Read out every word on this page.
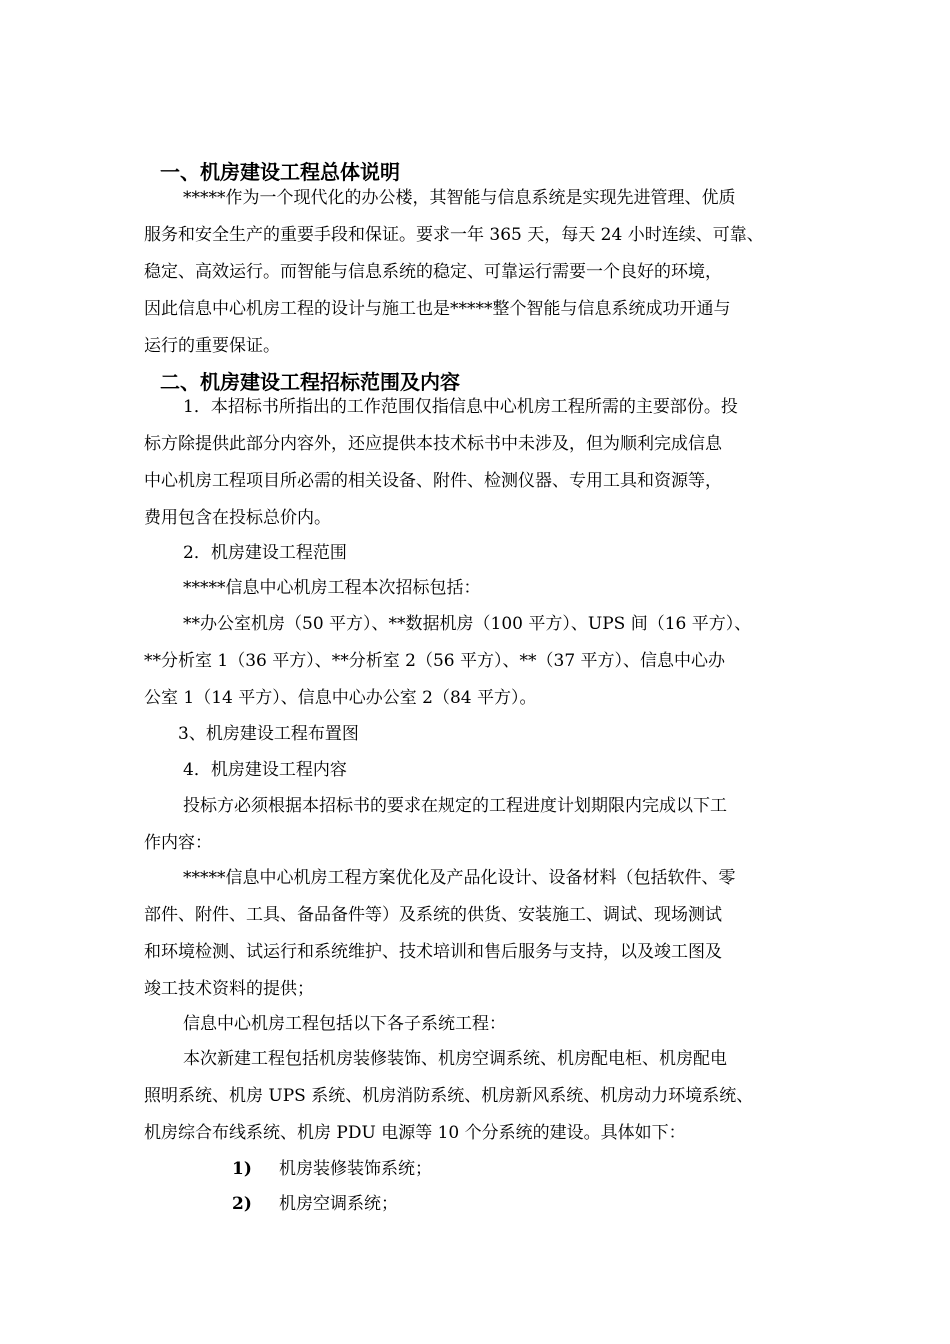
一、机房建设工程总体说明
*****作为一个现代化的办公楼，其智能与信息系统是实现先进管理、优质
服务和安全生产的重要手段和保证。要求一年 365 天，每天 24 小时连续、可靠、
稳定、高效运行。而智能与信息系统的稳定、可靠运行需要一个良好的环境，
因此信息中心机房工程的设计与施工也是*****整个智能与信息系统成功开通与
运行的重要保证。
二、机房建设工程招标范围及内容
1．本招标书所指出的工作范围仅指信息中心机房工程所需的主要部份。投
标方除提供此部分内容外，还应提供本技术标书中未涉及，但为顺利完成信息
中心机房工程项目所必需的相关设备、附件、检测仪器、专用工具和资源等，
费用包含在投标总价内。
2．机房建设工程范围
*****信息中心机房工程本次招标包括：
**办公室机房（50 平方）、**数据机房（100 平方）、UPS 间（16 平方）、
**分析室 1（36 平方）、**分析室 2（56 平方）、**（37 平方）、信息中心办
公室 1（14 平方）、信息中心办公室 2（84 平方）。
3、机房建设工程布置图
4．机房建设工程内容
投标方必须根据本招标书的要求在规定的工程进度计划期限内完成以下工
作内容：
*****信息中心机房工程方案优化及产品化设计、设备材料（包括软件、零
部件、附件、工具、备品备件等）及系统的供货、安装施工、调试、现场测试
和环境检测、试运行和系统维护、技术培训和售后服务与支持，以及竣工图及
竣工技术资料的提供；
信息中心机房工程包括以下各子系统工程：
本次新建工程包括机房装修装饰、机房空调系统、机房配电柜、机房配电
照明系统、机房 UPS 系统、机房消防系统、机房新风系统、机房动力环境系统、
机房综合布线系统、机房 PDU 电源等 10 个分系统的建设。具体如下：
1) 机房装修装饰系统；
2) 机房空调系统；
